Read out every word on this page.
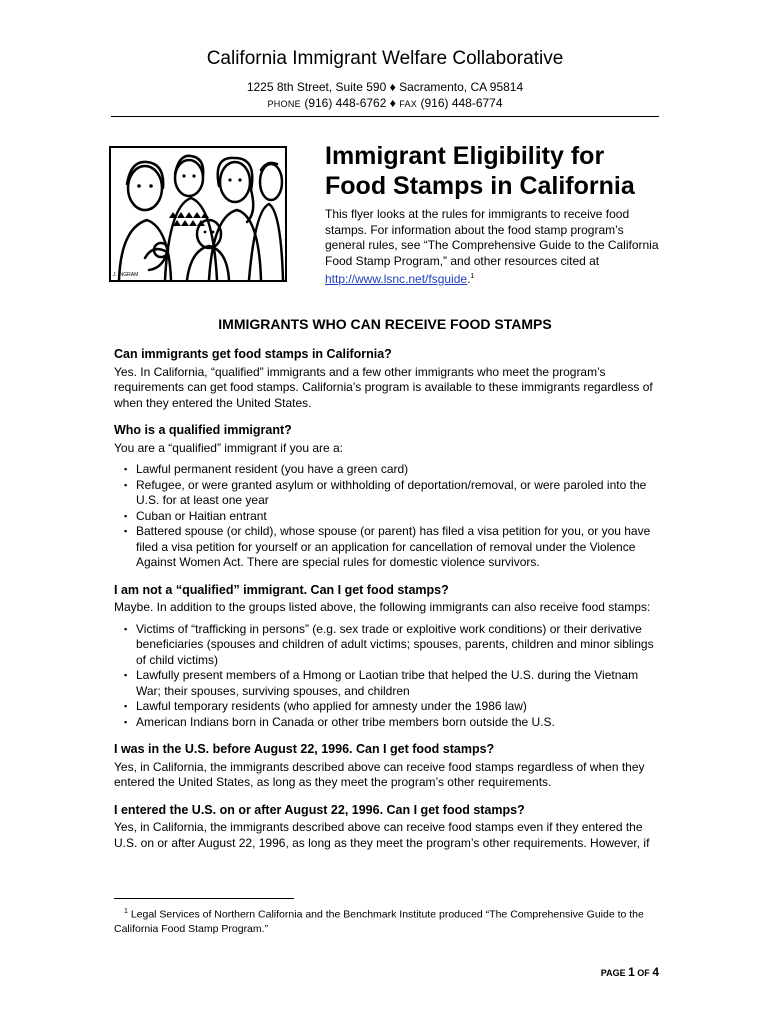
California Immigrant Welfare Collaborative
1225 8th Street, Suite 590 ♦ Sacramento, CA 95814
PHONE (916) 448-6762 ♦ FAX (916) 448-6774
J. INGRAM
Immigrant Eligibility for
Food Stamps in California

This flyer looks at the rules for immigrants to receive food stamps. For information about the food stamp program’s general rules, see “The Comprehensive Guide to the California Food Stamp Program,” and other resources cited at http://www.lsnc.net/fsguide.$^1$

IMMIGRANTS WHO CAN RECEIVE FOOD STAMPS
Can immigrants get food stamps in California?

Yes. In California, “qualified” immigrants and a few other immigrants who meet the program’s requirements can get food stamps. California’s program is available to these immigrants regardless of when they entered the United States.

Who is a qualified immigrant?

You are a “qualified” immigrant if you are a:

▪ Lawful permanent resident (you have a green card)
▪ Refugee, or were granted asylum or withholding of deportation/removal, or were paroled into the U.S. for at least one year
▪ Cuban or Haitian entrant
▪ Battered spouse (or child), whose spouse (or parent) has filed a visa petition for you, or you have filed a visa petition for yourself or an application for cancellation of removal under the Violence Against Women Act. There are special rules for domestic violence survivors.
I am not a “qualified” immigrant. Can I get food stamps?

Maybe. In addition to the groups listed above, the following immigrants can also receive food stamps:

▪ Victims of “trafficking in persons” (e.g. sex trade or exploitive work conditions) or their derivative beneficiaries (spouses and children of adult victims; spouses, parents, children and minor siblings of child victims)
▪ Lawfully present members of a Hmong or Laotian tribe that helped the U.S. during the Vietnam War; their spouses, surviving spouses, and children
▪ Lawful temporary residents (who applied for amnesty under the 1986 law)
▪ American Indians born in Canada or other tribe members born outside the U.S.
I was in the U.S. before August 22, 1996. Can I get food stamps?

Yes, in California, the immigrants described above can receive food stamps regardless of when they entered the United States, as long as they meet the program’s other requirements.

I entered the U.S. on or after August 22, 1996. Can I get food stamps?

Yes, in California, the immigrants described above can receive food stamps even if they entered the U.S. on or after August 22, 1996, as long as they meet the program’s other requirements. However, if

$^1$ Legal Services of Northern California and the Benchmark Institute produced “The Comprehensive Guide to the California Food Stamp Program.”

PAGE 1 OF 4
